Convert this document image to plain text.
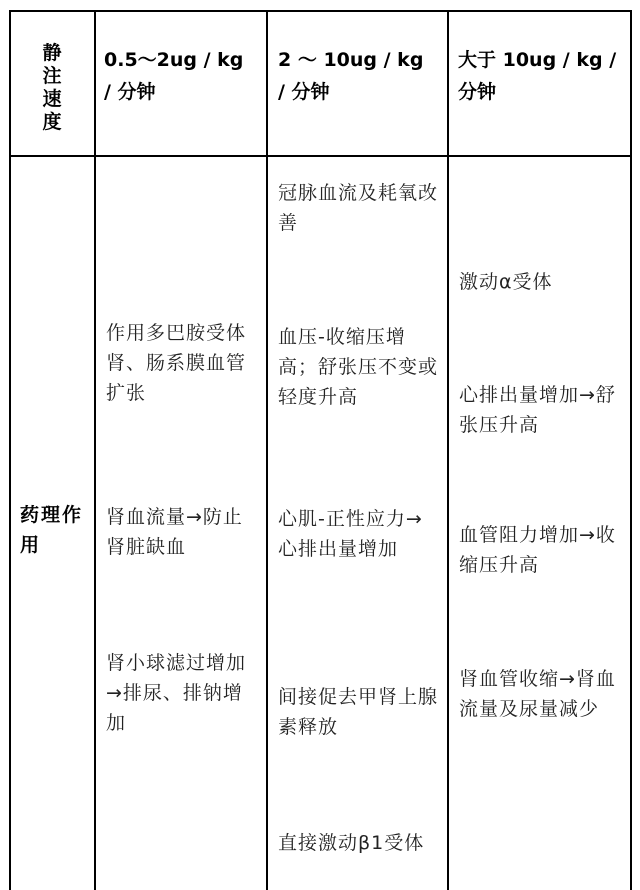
静注速度
0.5～2ug / kg / 分钟
2 ～ 10ug / kg / 分钟
大于 10ug / kg / 分钟
药理作用
作用多巴胺受体肾、肠系膜血管扩张
肾血流量→防止肾脏缺血
肾小球滤过增加→排尿、排钠增加
冠脉血流及耗氧改善
血压-收缩压增高；舒张压不变或轻度升高
心肌-正性应力→心排出量增加
间接促去甲肾上腺素释放
直接激动β1受体
激动α受体
心排出量增加→舒张压升高
血管阻力增加→收缩压升高
肾血管收缩→肾血流量及尿量减少
